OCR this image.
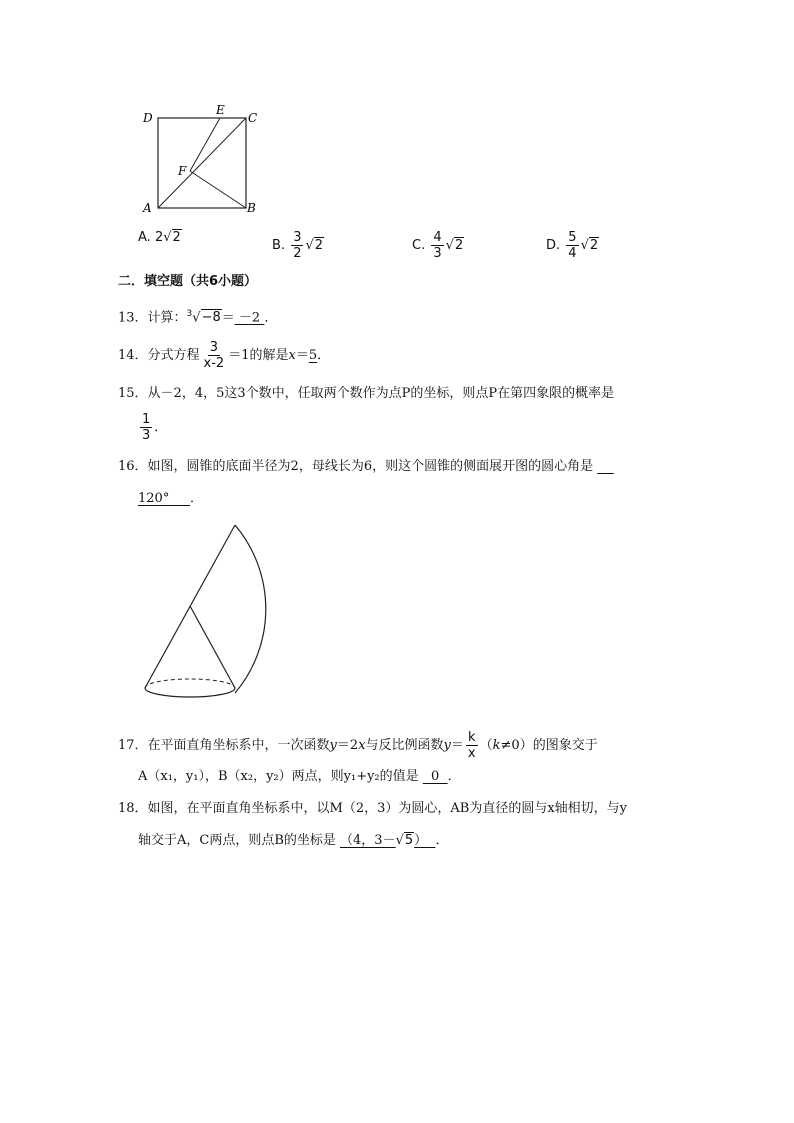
D
E
C
F
A	B
A.
2 √2
B.
$\frac{3}{2} √2$	C.
$\frac{4}{3} √2$	D.
$\frac{5}{4} √2$
二．填空题（共6小题）
13．计算：$^3$√−8＝ －2 ．
14．分式方程 $\frac{3}{x-2} =1$的解是 x ＝ 5 ．
15．从－2，4，5这3个数中，任取两个数作为点P的坐标，则点P在第四象限的概率是
$\frac{1}{3}$ ．
16．如图，圆锥的底面半径为2，母线长为6，则这个圆锥的侧面展开图的圆心角是
120° ．
17．在平面直角坐标系中，一次函数 y ＝2 x 与反比例函数 $y = \frac{k}{x}$ （ k ≠0）的图象交于
A（x₁，y₁），B（x₂，y₂）两点，则y₁+y₂的值是   0  ．
18．如图，在平面直角坐标系中，以M（2，3）为圆心，AB为直径的圆与x轴相切，与y
轴交于A，C两点，则点B的坐标是 （4，3－√5） ．
